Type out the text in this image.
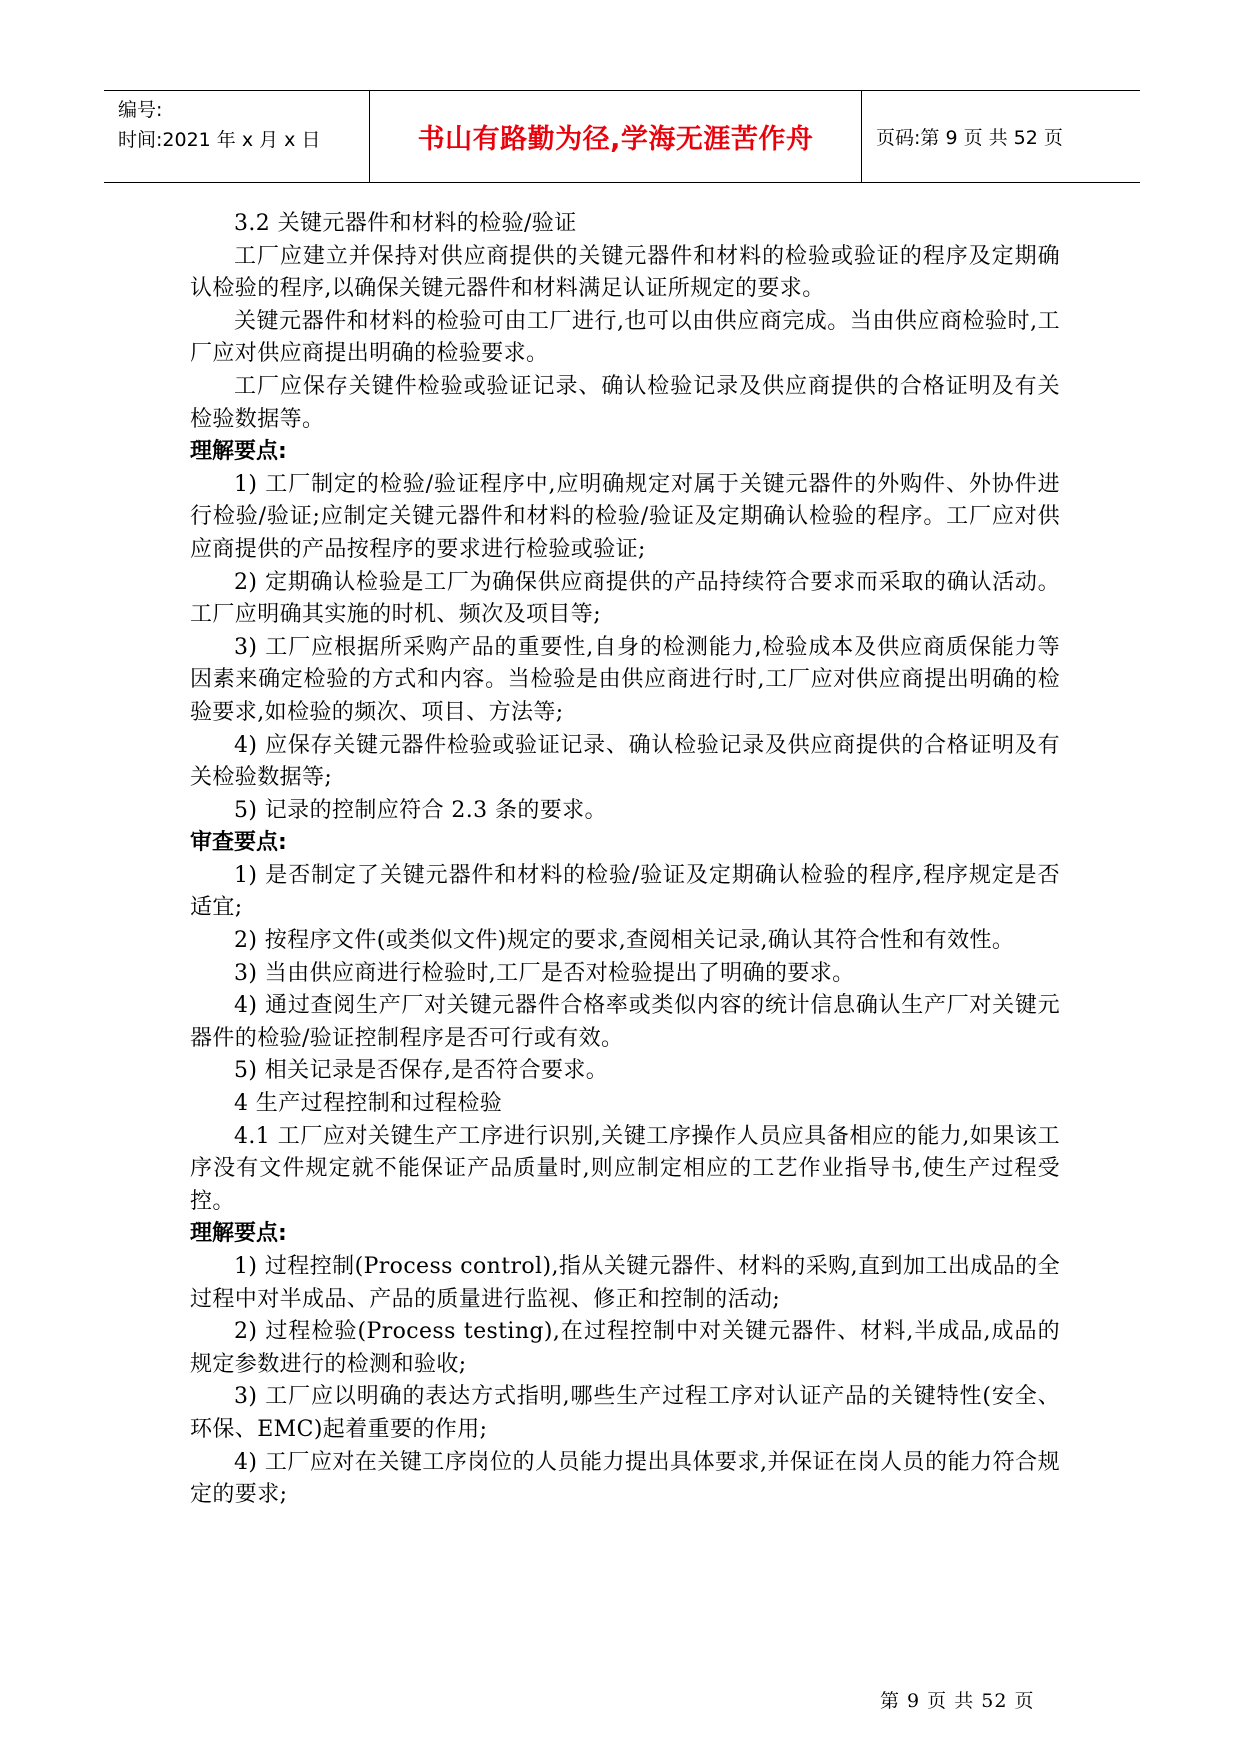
编号:
时间:2021 年 x 月 x 日	书山有路勤为径,学海无涯苦作舟	页码:第 9 页 共 52 页

3.2 关键元器件和材料的检验/验证

工厂应建立并保持对供应商提供的关键元器件和材料的检验或验证的程序及定期确认检验的程序,以确保关键元器件和材料满足认证所规定的要求。

关键元器件和材料的检验可由工厂进行,也可以由供应商完成。当由供应商检验时,工厂应对供应商提出明确的检验要求。

工厂应保存关键件检验或验证记录、确认检验记录及供应商提供的合格证明及有关检验数据等。

理解要点:

1) 工厂制定的检验/验证程序中,应明确规定对属于关键元器件的外购件、外协件进行检验/验证;应制定关键元器件和材料的检验/验证及定期确认检验的程序。工厂应对供应商提供的产品按程序的要求进行检验或验证;

2) 定期确认检验是工厂为确保供应商提供的产品持续符合要求而采取的确认活动。工厂应明确其实施的时机、频次及项目等;

3) 工厂应根据所采购产品的重要性,自身的检测能力,检验成本及供应商质保能力等因素来确定检验的方式和内容。当检验是由供应商进行时,工厂应对供应商提出明确的检验要求,如检验的频次、项目、方法等;

4) 应保存关键元器件检验或验证记录、确认检验记录及供应商提供的合格证明及有关检验数据等;

5) 记录的控制应符合 2.3 条的要求。

审查要点:

1) 是否制定了关键元器件和材料的检验/验证及定期确认检验的程序,程序规定是否适宜;

2) 按程序文件(或类似文件)规定的要求,查阅相关记录,确认其符合性和有效性。

3) 当由供应商进行检验时,工厂是否对检验提出了明确的要求。

4) 通过查阅生产厂对关键元器件合格率或类似内容的统计信息确认生产厂对关键元器件的检验/验证控制程序是否可行或有效。

5) 相关记录是否保存,是否符合要求。

4 生产过程控制和过程检验

4.1 工厂应对关键生产工序进行识别,关键工序操作人员应具备相应的能力,如果该工序没有文件规定就不能保证产品质量时,则应制定相应的工艺作业指导书,使生产过程受控。

理解要点:

1) 过程控制(Process control),指从关键元器件、材料的采购,直到加工出成品的全过程中对半成品、产品的质量进行监视、修正和控制的活动;

2) 过程检验(Process testing),在过程控制中对关键元器件、材料,半成品,成品的规定参数进行的检测和验收;

3) 工厂应以明确的表达方式指明,哪些生产过程工序对认证产品的关键特性(安全、环保、EMC)起着重要的作用;

4) 工厂应对在关键工序岗位的人员能力提出具体要求,并保证在岗人员的能力符合规定的要求;

第 9 页 共 52 页
